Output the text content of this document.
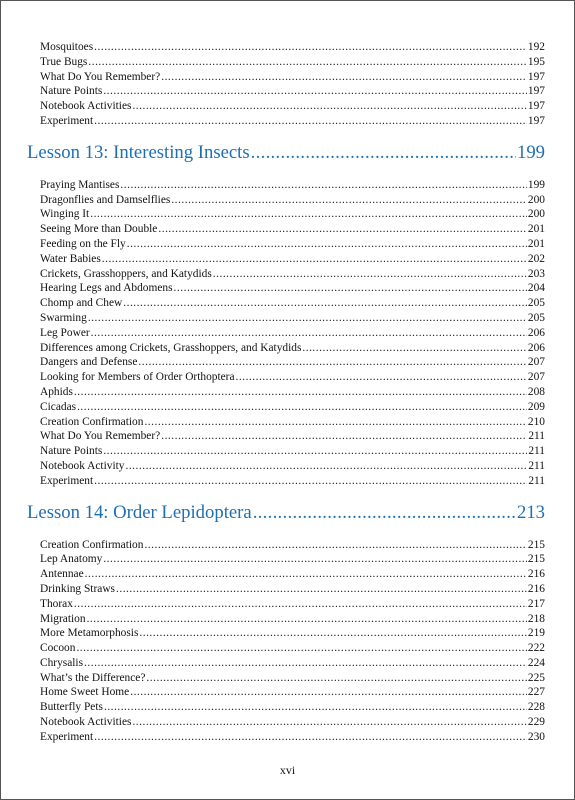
Mosquitoes .....	192
True Bugs .....	195
What Do You Remember? .....	197
Nature Points .....	197
Notebook Activities .....	197
Experiment .....	197
Lesson 13: Interesting Insects .....	199
Praying Mantises .....	199
Dragonflies and Damselflies .....	200
Winging It .....	200
Seeing More than Double .....	201
Feeding on the Fly .....	201
Water Babies .....	202
Crickets, Grasshoppers, and Katydids .....	203
Hearing Legs and Abdomens .....	204
Chomp and Chew .....	205
Swarming .....	205
Leg Power .....	206
Differences among Crickets, Grasshoppers, and Katydids .....	206
Dangers and Defense .....	207
Looking for Members of Order Orthoptera .....	207
Aphids .....	208
Cicadas .....	209
Creation Confirmation .....	210
What Do You Remember? .....	211
Nature Points .....	211
Notebook Activity .....	211
Experiment .....	211
Lesson 14: Order Lepidoptera .....	213
Creation Confirmation .....	215
Lep Anatomy .....	215
Antennae .....	216
Drinking Straws .....	216
Thorax .....	217
Migration .....	218
More Metamorphosis .....	219
Cocoon .....	222
Chrysalis .....	224
What’s the Difference? .....	225
Home Sweet Home .....	227
Butterfly Pets .....	228
Notebook Activities .....	229
Experiment .....	230
xvi
